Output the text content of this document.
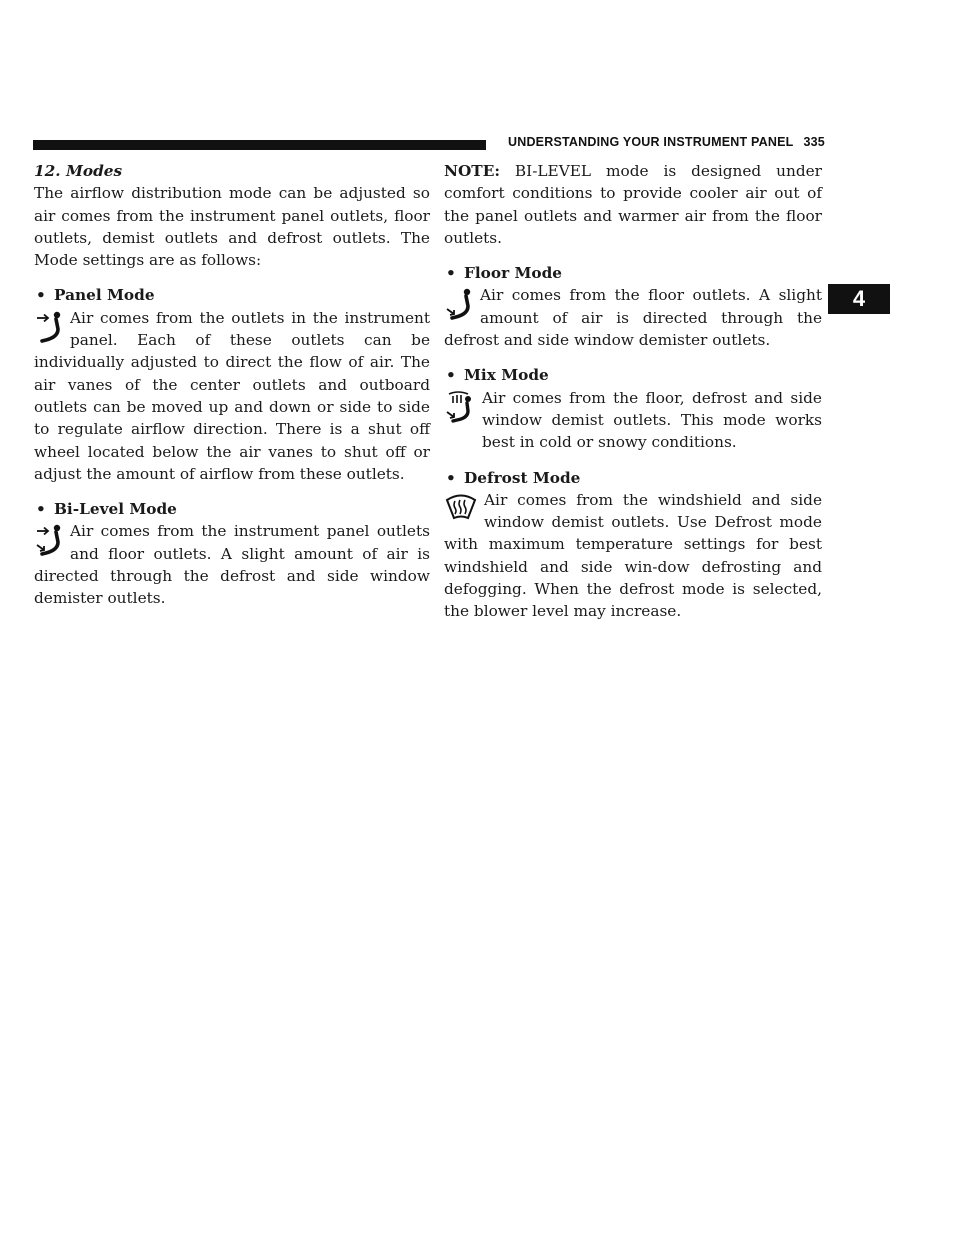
UNDERSTANDING YOUR INSTRUMENT PANEL 335
4

12. Modes

The airflow distribution mode can be adjusted so air comes from the instrument panel outlets, floor outlets, demist outlets and defrost outlets. The Mode settings are as follows:

• Panel Mode

Air comes from the outlets in the instrument panel. Each of these outlets can be individually adjusted to direct the flow of air. The air vanes of the center outlets and outboard outlets can be moved up and down or side to side to regulate airflow direction. There is a shut off wheel located below the air vanes to shut off or adjust the amount of airflow from these outlets.

• Bi-Level Mode

Air comes from the instrument panel outlets and floor outlets. A slight amount of air is directed through the defrost and side window demister outlets.

NOTE: BI-LEVEL mode is designed under comfort conditions to provide cooler air out of the panel outlets and warmer air from the floor outlets.

• Floor Mode

Air comes from the floor outlets. A slight amount of air is directed through the defrost and side window demister outlets.

• Mix Mode

Air comes from the floor, defrost and side window demist outlets. This mode works best in cold or snowy conditions.

• Defrost Mode

Air comes from the windshield and side window demist outlets. Use Defrost mode with maximum temperature settings for best windshield and side win-dow defrosting and defogging. When the defrost mode is selected, the blower level may increase.
